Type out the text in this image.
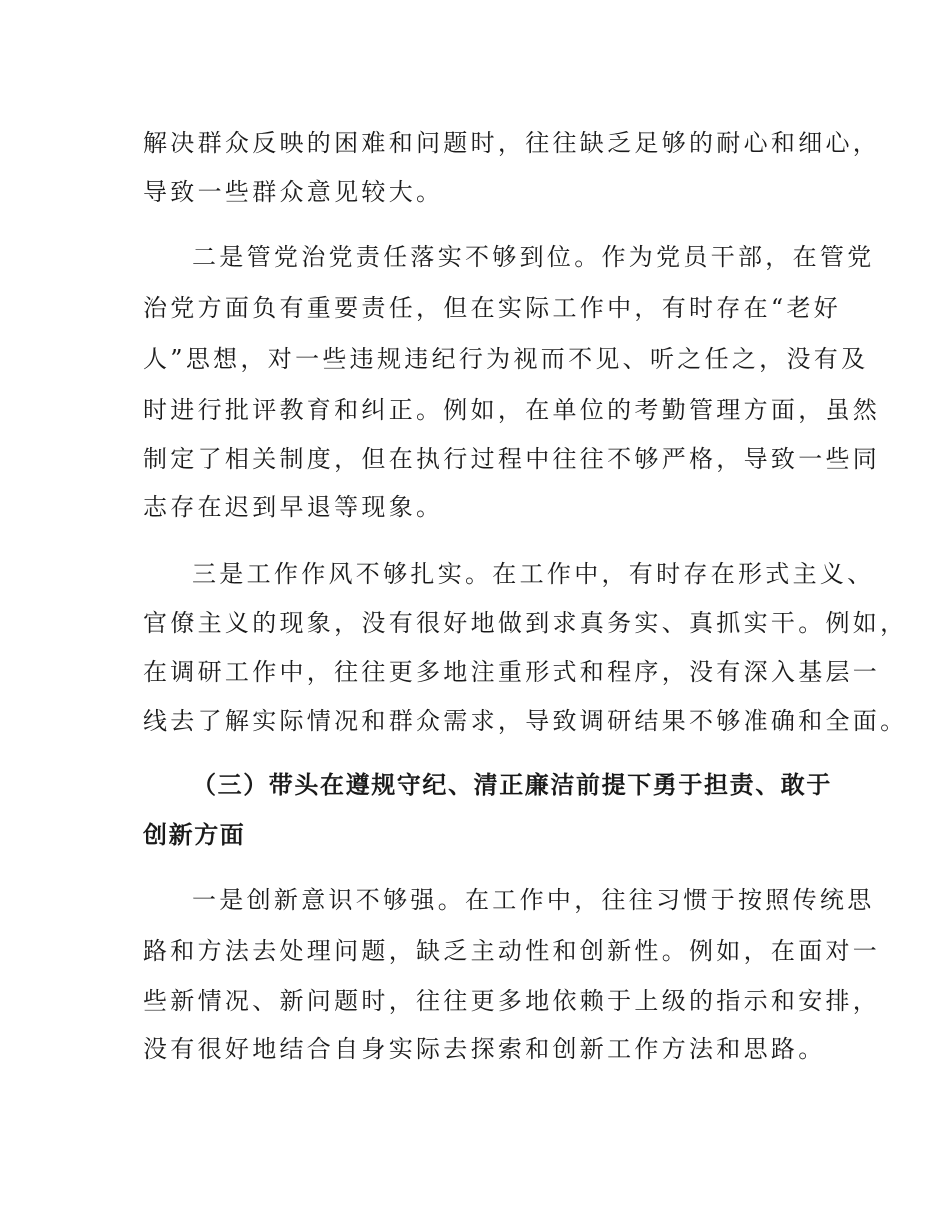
解决群众反映的困难和问题时，往往缺乏足够的耐心和细心，
导致一些群众意见较大。
二是管党治党责任落实不够到位。作为党员干部，在管党
治党方面负有重要责任，但在实际工作中，有时存在“老好
人”思想，对一些违规违纪行为视而不见、听之任之，没有及
时进行批评教育和纠正。例如，在单位的考勤管理方面，虽然
制定了相关制度，但在执行过程中往往不够严格，导致一些同
志存在迟到早退等现象。
三是工作作风不够扎实。在工作中，有时存在形式主义、
官僚主义的现象，没有很好地做到求真务实、真抓实干。例如，
在调研工作中，往往更多地注重形式和程序，没有深入基层一
线去了解实际情况和群众需求，导致调研结果不够准确和全面。
（三）带头在遵规守纪、清正廉洁前提下勇于担责、敢于
创新方面
一是创新意识不够强。在工作中，往往习惯于按照传统思
路和方法去处理问题，缺乏主动性和创新性。例如，在面对一
些新情况、新问题时，往往更多地依赖于上级的指示和安排，
没有很好地结合自身实际去探索和创新工作方法和思路。
